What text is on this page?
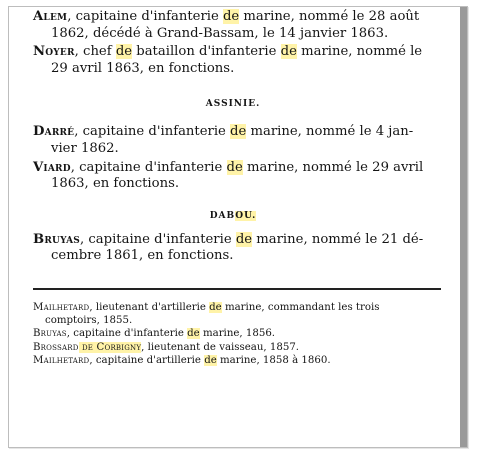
Alem, capitaine d'infanterie de marine, nommé le 28 août
1862, décédé à Grand-Bassam, le 14 janvier 1863.
Noyer, chef de bataillon d'infanterie de marine, nommé le
29 avril 1863, en fonctions.
ASSINIE.
Darré, capitaine d'infanterie de marine, nommé le 4 jan-
vier 1862.
Viard, capitaine d'infanterie de marine, nommé le 29 avril
1863, en fonctions.
DABOU.
Bruyas, capitaine d'infanterie de marine, nommé le 21 dé-
cembre 1861, en fonctions.
Mailhetard, lieutenant d'artillerie de marine, commandant les trois
comptoirs, 1855.
Bruyas, capitaine d'infanterie de marine, 1856.
Brossard de Corbigny, lieutenant de vaisseau, 1857.
Mailhetard, capitaine d'artillerie de marine, 1858 à 1860.
